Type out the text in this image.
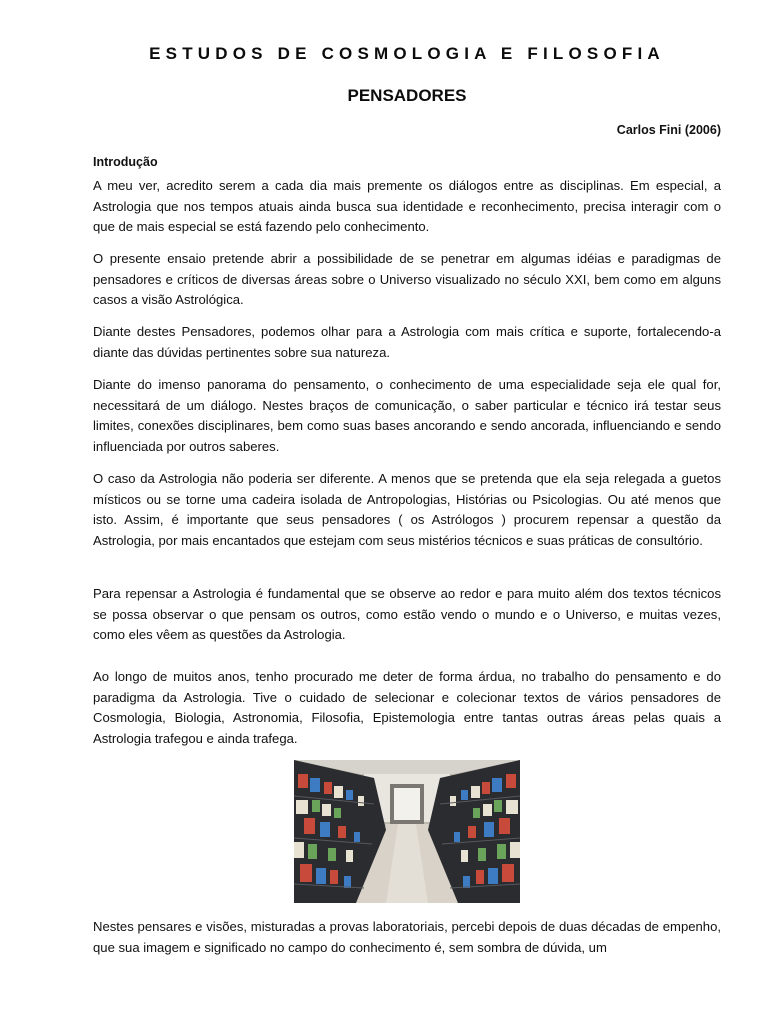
ESTUDOS DE COSMOLOGIA E FILOSOFIA
PENSADORES
Carlos Fini (2006)
Introdução

A meu ver, acredito serem a cada dia mais premente os diálogos entre as disciplinas. Em especial, a Astrologia que nos tempos atuais ainda busca sua identidade e reconhecimento, precisa interagir com o que de mais especial se está fazendo pelo conhecimento.

O presente ensaio pretende abrir a possibilidade de se penetrar em algumas idéias e paradigmas de pensadores e críticos de diversas áreas sobre o Universo visualizado no século XXI, bem como em alguns casos a visão Astrológica.

Diante destes Pensadores, podemos olhar para a Astrologia com mais crítica e suporte, fortalecendo-a diante das dúvidas pertinentes sobre sua natureza.

Diante do imenso panorama do pensamento, o conhecimento de uma especialidade seja ele qual for, necessitará de um diálogo. Nestes braços de comunicação, o saber particular e técnico irá testar seus limites, conexões disciplinares, bem como suas bases ancorando e sendo ancorada, influenciando e sendo influenciada por outros saberes.

O caso da Astrologia não poderia ser diferente. A menos que se pretenda que ela seja relegada a guetos místicos ou se torne uma cadeira isolada de Antropologias, Histórias ou Psicologias. Ou até menos que isto. Assim, é importante que seus pensadores ( os Astrólogos ) procurem repensar a questão da Astrologia, por mais encantados que estejam com seus mistérios técnicos e suas práticas de consultório.

Para repensar a Astrologia é fundamental que se observe ao redor e para muito além dos textos técnicos se possa observar o que pensam os outros, como estão vendo o mundo e o Universo, e muitas vezes, como eles vêem as questões da Astrologia.

Ao longo de muitos anos, tenho procurado me deter de forma árdua, no trabalho do pensamento e do paradigma da Astrologia. Tive o cuidado de selecionar e colecionar textos de vários pensadores de Cosmologia, Biologia, Astronomia, Filosofia, Epistemologia entre tantas outras áreas pelas quais a Astrologia trafegou e ainda trafega.

Nestes pensares e visões, misturadas a provas laboratoriais, percebi depois de duas décadas de empenho, que sua imagem e significado no campo do conhecimento é, sem sombra de dúvida, um
